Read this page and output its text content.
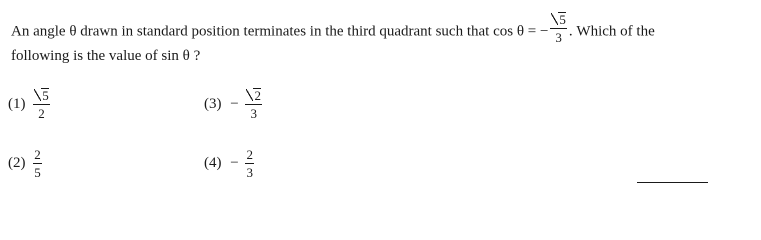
An angle θ drawn in standard position terminates in the third quadrant such that cos θ = − $\frac{5}{3}$ . Which of the
following is the value of sin θ ?
$(1) \frac{5}{2}$	$(3) - \frac{2}{3}$
$(2) \frac{2}{5}$	$(4) - \frac{2}{3}$
